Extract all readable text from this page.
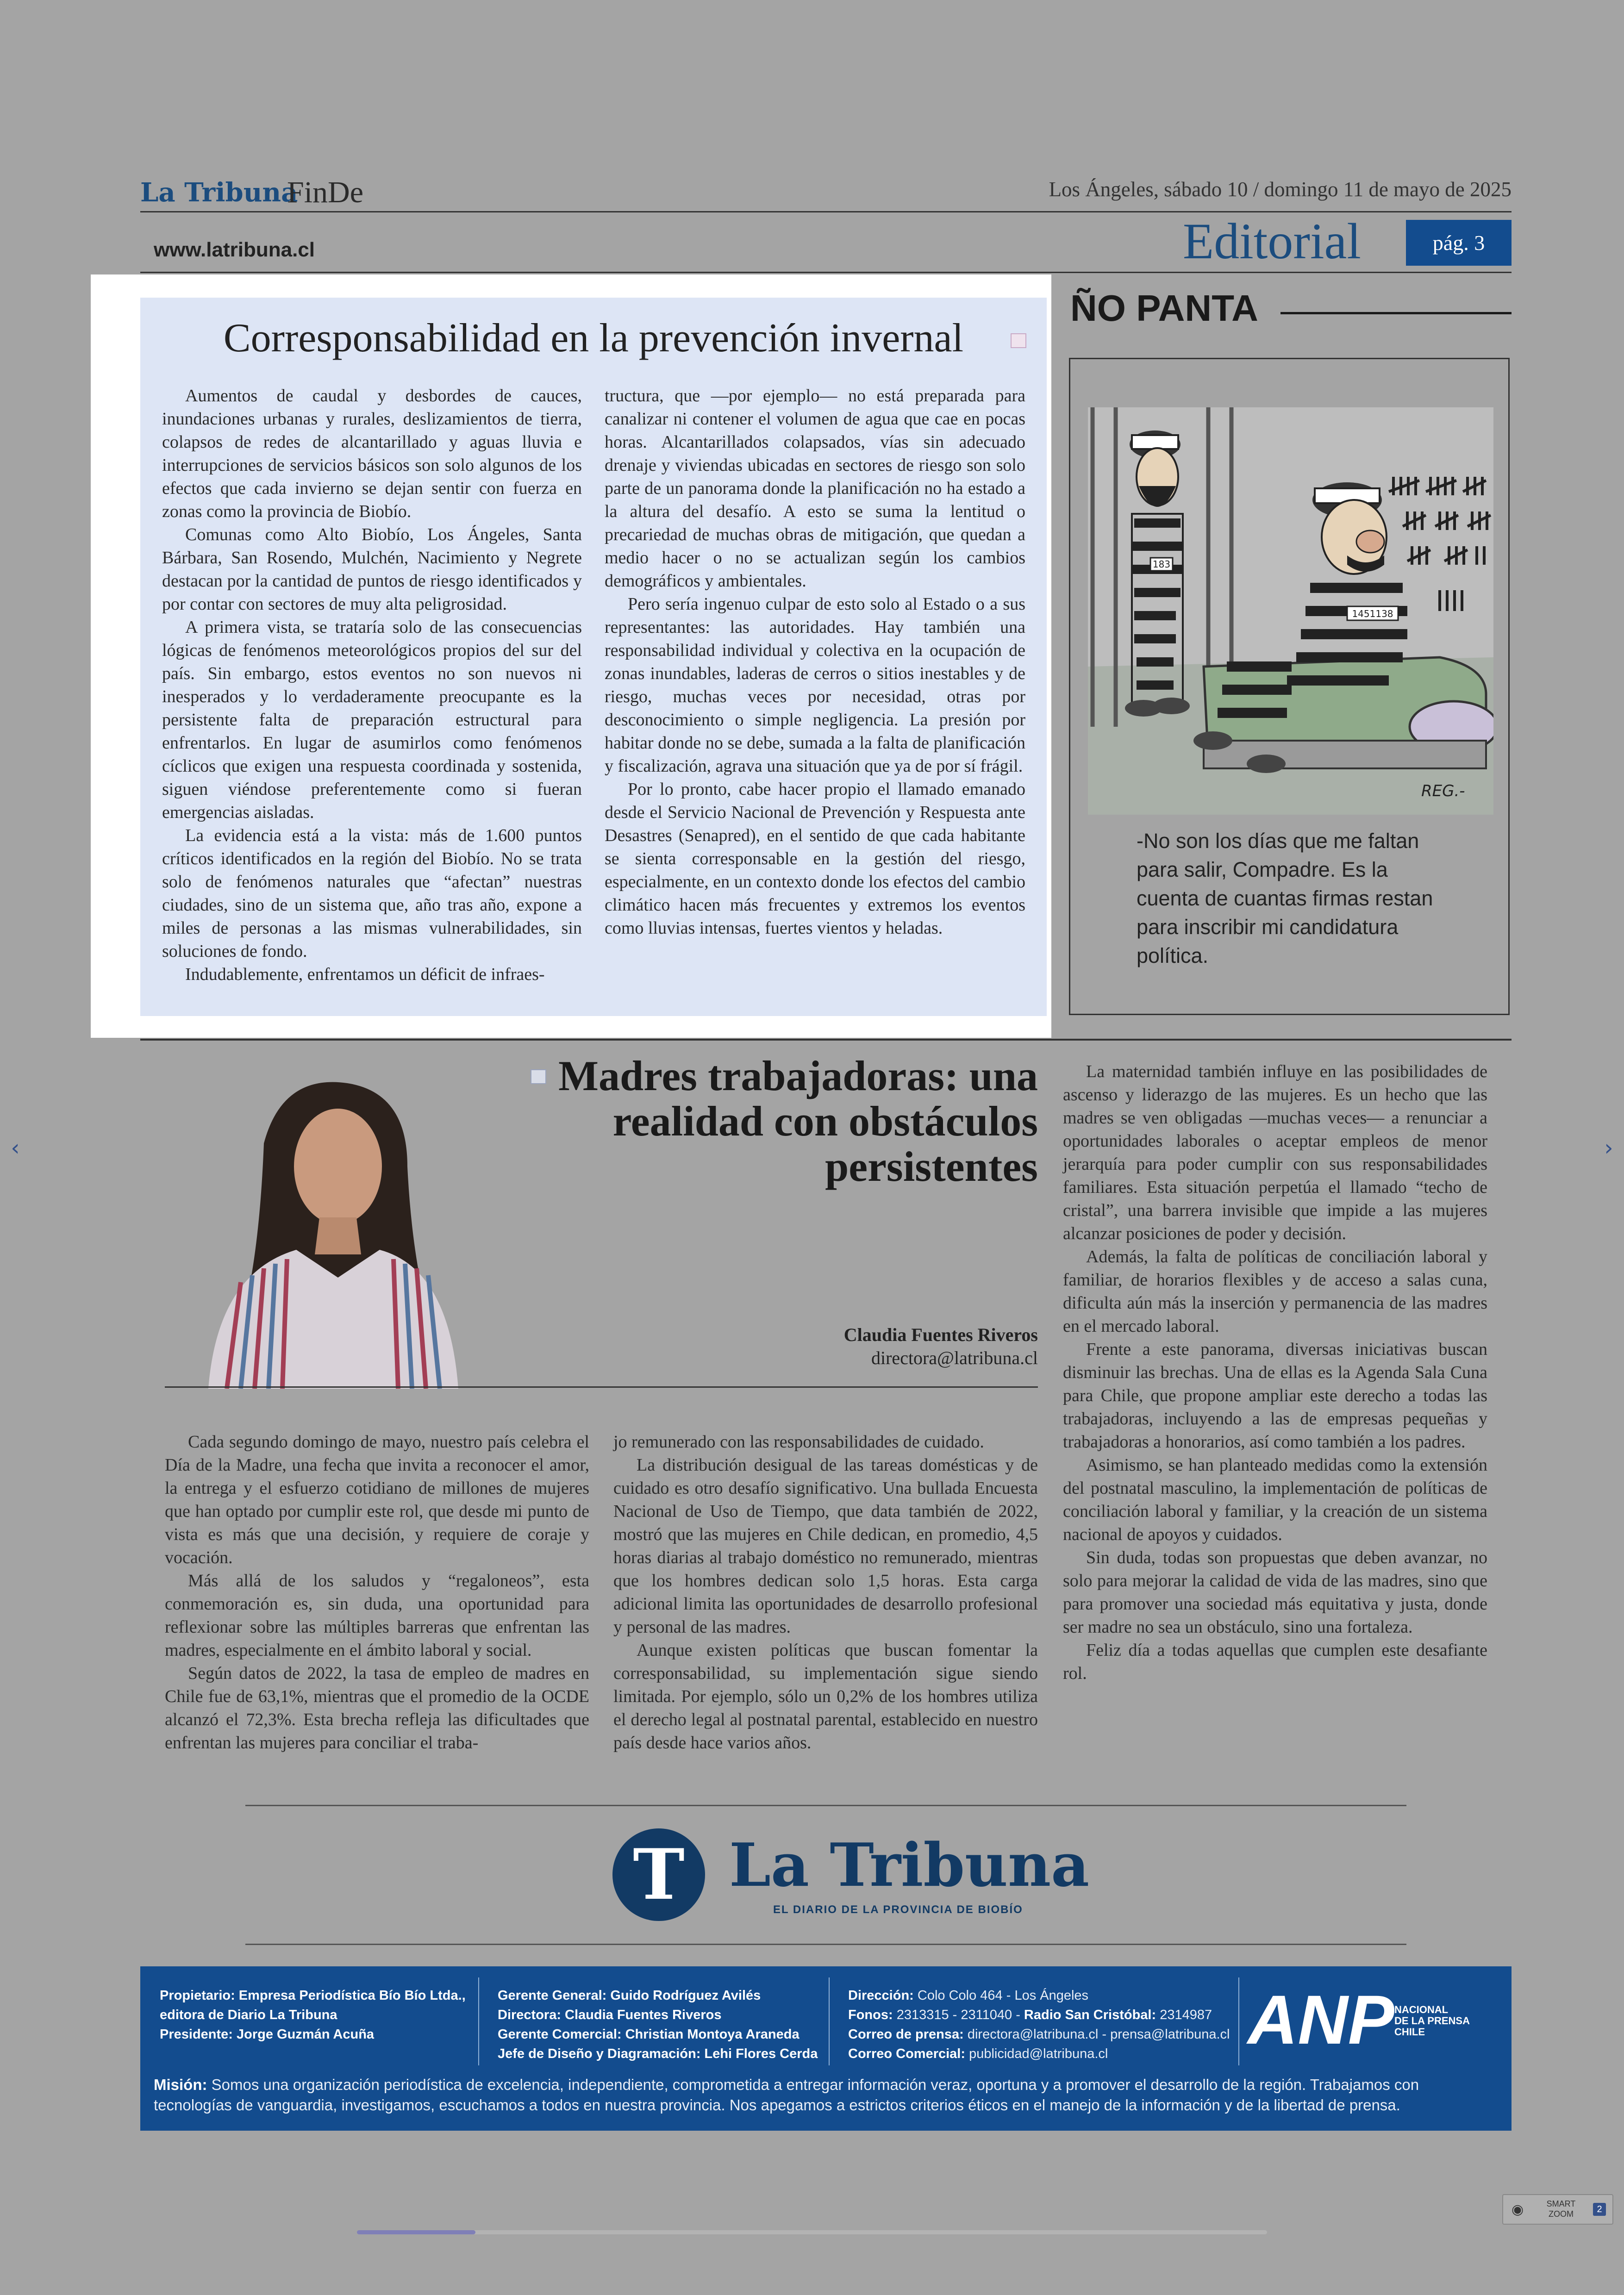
La Tribuna
FinDe	Los Ángeles, sábado 10 / domingo 11 de mayo de 2025
www.latribuna.cl	Editorial	pág. 3
Corresponsabilidad en la prevención invernal

Aumentos de caudal y desbordes de cauces, inundaciones urbanas y rurales, deslizamientos de tierra, colapsos de redes de alcantarillado y aguas lluvia e interrupciones de servicios básicos son solo algunos de los efectos que cada invierno se dejan sentir con fuerza en zonas como la provincia de Biobío.

Comunas como Alto Biobío, Los Ángeles, Santa Bárbara, San Rosendo, Mulchén, Nacimiento y Negrete destacan por la cantidad de puntos de riesgo identificados y por contar con sectores de muy alta peligrosidad.

A primera vista, se trataría solo de las consecuencias lógicas de fenómenos meteorológicos propios del sur del país. Sin embargo, estos eventos no son nuevos ni inesperados y lo verdaderamente preocupante es la persistente falta de preparación estructural para enfrentarlos. En lugar de asumirlos como fenómenos cíclicos que exigen una respuesta coordinada y sostenida, siguen viéndose preferentemente como si fueran emergencias aisladas.

La evidencia está a la vista: más de 1.600 puntos críticos identificados en la región del Biobío. No se trata solo de fenómenos naturales que “afectan” nuestras ciudades, sino de un sistema que, año tras año, expone a miles de personas a las mismas vulnerabilidades, sin soluciones de fondo.

Indudablemente, enfrentamos un déficit de infraes-

tructura, que —por ejemplo— no está preparada para canalizar ni contener el volumen de agua que cae en pocas horas. Alcantarillados colapsados, vías sin adecuado drenaje y viviendas ubicadas en sectores de riesgo son solo parte de un panorama donde la planificación no ha estado a la altura del desafío. A esto se suma la lentitud o precariedad de muchas obras de mitigación, que quedan a medio hacer o no se actualizan según los cambios demográficos y ambientales.

Pero sería ingenuo culpar de esto solo al Estado o a sus representantes: las autoridades. Hay también una responsabilidad individual y colectiva en la ocupación de zonas inundables, laderas de cerros o sitios inestables y de riesgo, muchas veces por necesidad, otras por desconocimiento o simple negligencia. La presión por habitar donde no se debe, sumada a la falta de planificación y fiscalización, agrava una situación que ya de por sí frágil.

Por lo pronto, cabe hacer propio el llamado emanado desde el Servicio Nacional de Prevención y Respuesta ante Desastres (Senapred), en el sentido de que cada habitante se sienta corresponsable en la gestión del riesgo, especialmente, en un contexto donde los efectos del cambio climático hacen más frecuentes y extremos los eventos como lluvias intensas, fuertes vientos y heladas.

ÑO PANTA
183
1451138
REG.-
-No son los días que me faltan para salir, Compadre. Es la cuenta de cuantas firmas restan para inscribir mi candidatura política.
Madres trabajadoras: una realidad con obstáculos persistentes
Claudia Fuentes Riveros
directora@latribuna.cl

Cada segundo domingo de mayo, nuestro país celebra el Día de la Madre, una fecha que invita a reconocer el amor, la entrega y el esfuerzo cotidiano de millones de mujeres que han optado por cumplir este rol, que desde mi punto de vista es más que una decisión, y requiere de coraje y vocación.

Más allá de los saludos y “regaloneos”, esta conmemoración es, sin duda, una oportunidad para reflexionar sobre las múltiples barreras que enfrentan las madres, especialmente en el ámbito laboral y social.

Según datos de 2022, la tasa de empleo de madres en Chile fue de 63,1%, mientras que el promedio de la OCDE alcanzó el 72,3%. Esta brecha refleja las dificultades que enfrentan las mujeres para conciliar el traba-

jo remunerado con las responsabilidades de cuidado.

La distribución desigual de las tareas domésticas y de cuidado es otro desafío significativo. Una bullada Encuesta Nacional de Uso de Tiempo, que data también de 2022, mostró que las mujeres en Chile dedican, en promedio, 4,5 horas diarias al trabajo doméstico no remunerado, mientras que los hombres dedican solo 1,5 horas. Esta carga adicional limita las oportunidades de desarrollo profesional y personal de las madres.

Aunque existen políticas que buscan fomentar la corresponsabilidad, su implementación sigue siendo limitada. Por ejemplo, sólo un 0,2% de los hombres utiliza el derecho legal al postnatal parental, establecido en nuestro país desde hace varios años.

La maternidad también influye en las posibilidades de ascenso y liderazgo de las mujeres. Es un hecho que las madres se ven obligadas —muchas veces— a renunciar a oportunidades laborales o aceptar empleos de menor jerarquía para poder cumplir con sus responsabilidades familiares. Esta situación perpetúa el llamado “techo de cristal”, una barrera invisible que impide a las mujeres alcanzar posiciones de poder y decisión.

Además, la falta de políticas de conciliación laboral y familiar, de horarios flexibles y de acceso a salas cuna, dificulta aún más la inserción y permanencia de las madres en el mercado laboral.

Frente a este panorama, diversas iniciativas buscan disminuir las brechas. Una de ellas es la Agenda Sala Cuna para Chile, que propone ampliar este derecho a todas las trabajadoras, incluyendo a las de empresas pequeñas y trabajadoras a honorarios, así como también a los padres.

Asimismo, se han planteado medidas como la extensión del postnatal masculino, la implementación de políticas de conciliación laboral y familiar, y la creación de un sistema nacional de apoyos y cuidados.

Sin duda, todas son propuestas que deben avanzar, no solo para mejorar la calidad de vida de las madres, sino que para promover una sociedad más equitativa y justa, donde ser madre no sea un obstáculo, sino una fortaleza.

Feliz día a todas aquellas que cumplen este desafiante rol.

T La Tribuna
EL DIARIO DE LA PROVINCIA DE BIOBÍO
Propietario: Empresa Periodística Bío Bío Ltda.,
editora de Diario La Tribuna
Presidente: Jorge Guzmán Acuña
Gerente General: Guido Rodríguez Avilés
Directora: Claudia Fuentes Riveros
Gerente Comercial: Christian Montoya Araneda
Jefe de Diseño y Diagramación: Lehi Flores Cerda
Dirección: Colo Colo 464 - Los Ángeles
Fonos: 2313315 - 2311040 - Radio San Cristóbal: 2314987
Correo de prensa: directora@latribuna.cl - prensa@latribuna.cl
Correo Comercial: publicidad@latribuna.cl	ANP NACIONAL
DE LA PRENSA
CHILE
Misión: Somos una organización periodística de excelencia, independiente, comprometida a entregar información veraz, oportuna y a promover el desarrollo de la región. Trabajamos con tecnologías de vanguardia, investigamos, escuchamos a todos en nuestra provincia. Nos apegamos a estrictos criterios éticos en el manejo de la información y de la libertad de prensa.
‹	›
◉	SMART ZOOM	2
